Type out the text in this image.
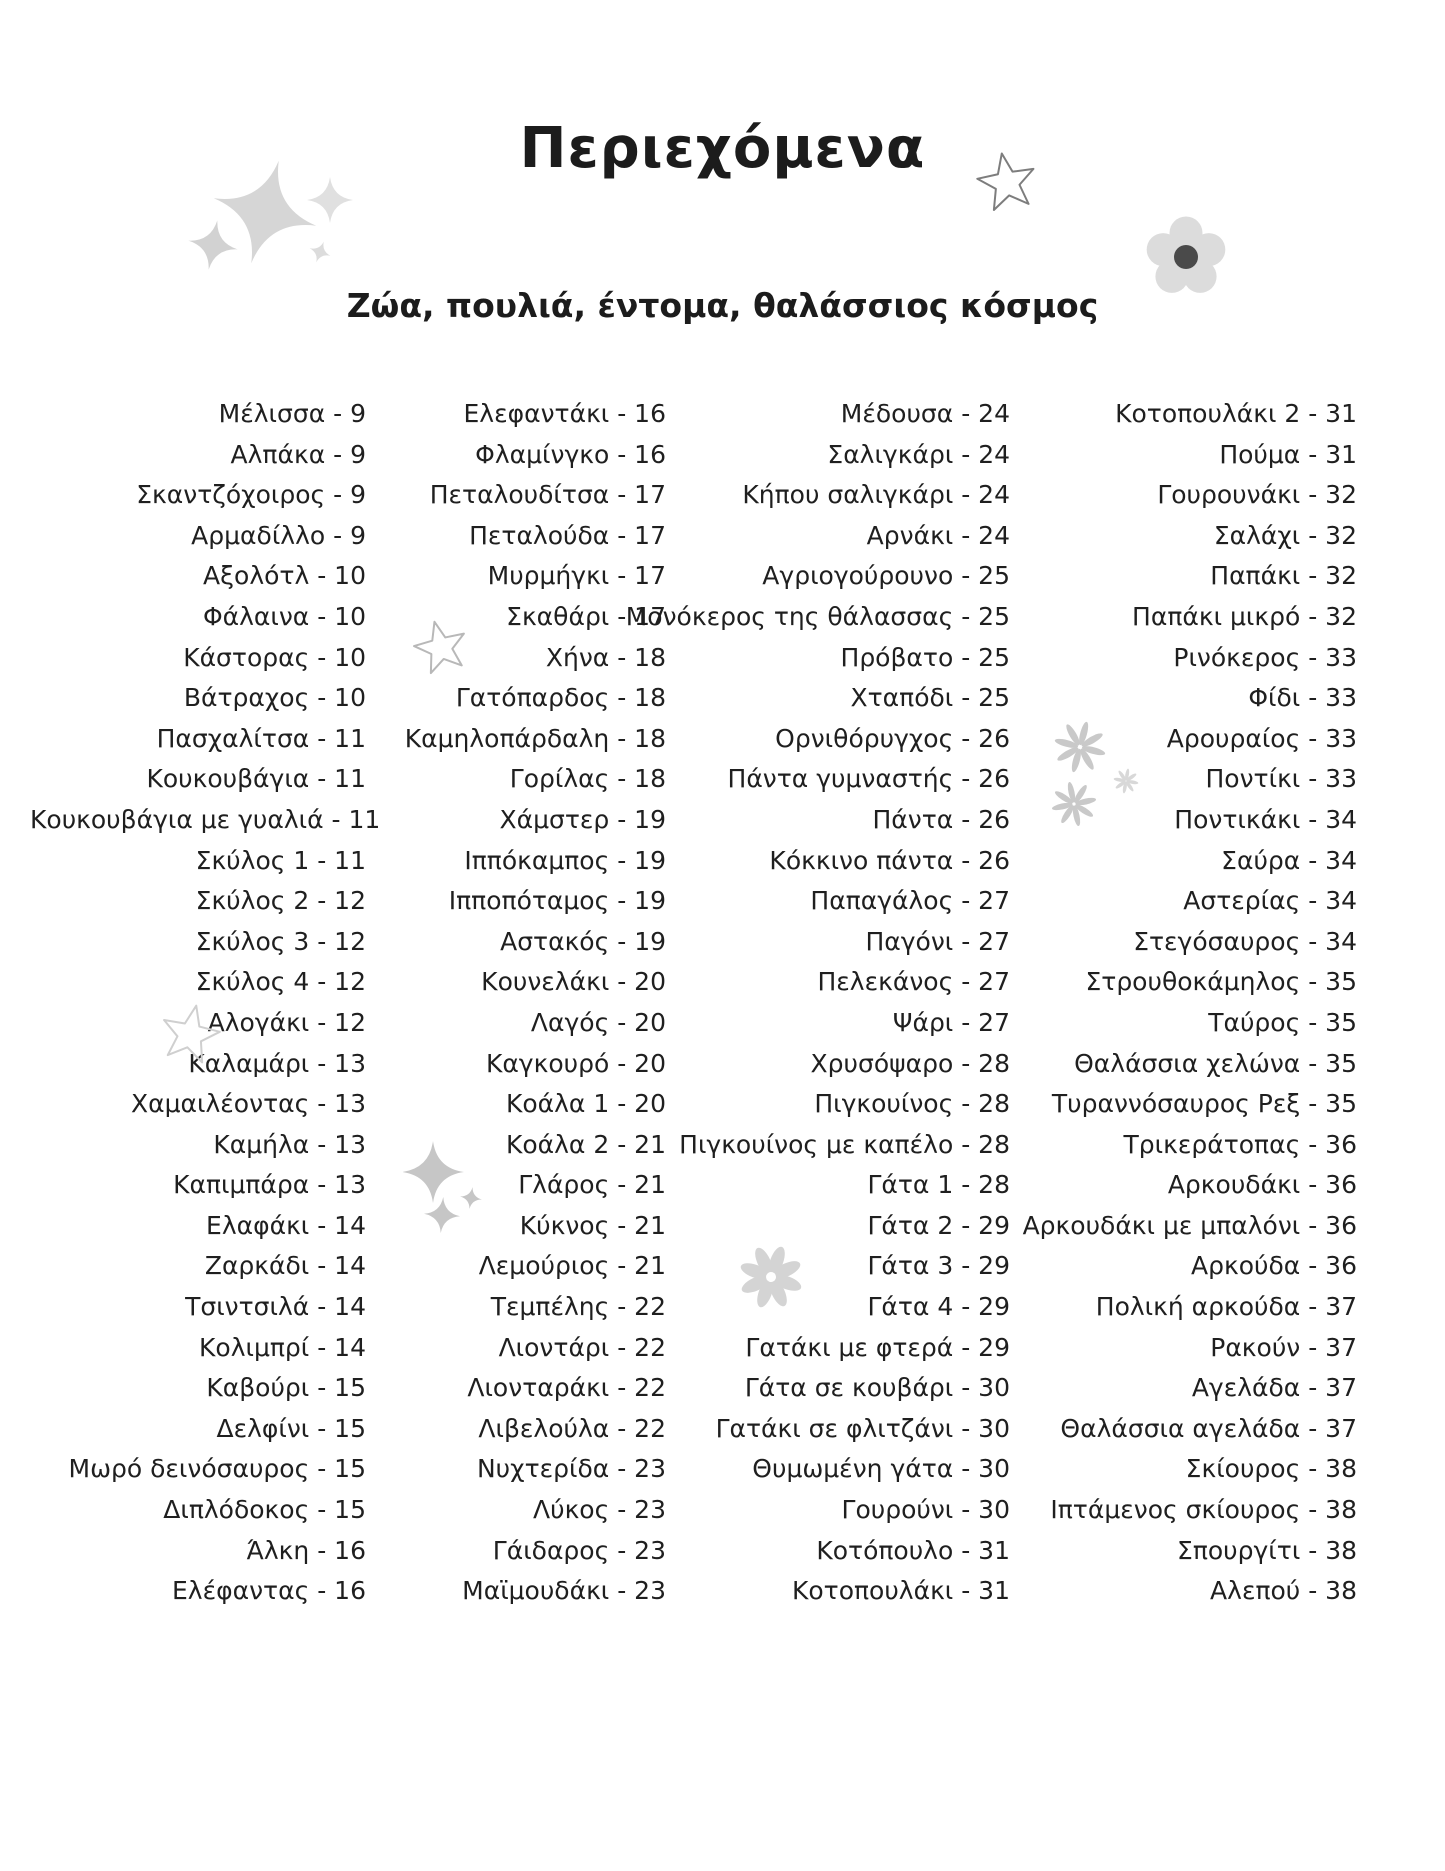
Περιεχόμενα
Ζώα, πουλιά, έντομα, θαλάσσιος κόσμος
Μέλισσα - 9
Αλπάκα - 9
Σκαντζόχοιρος - 9
Αρμαδίλλο - 9
Αξολότλ - 10
Φάλαινα - 10
Κάστορας - 10
Βάτραχος - 10
Πασχαλίτσα - 11
Κουκουβάγια - 11
Κουκουβάγια με γυαλιά - 11
Σκύλος 1 - 11
Σκύλος 2 - 12
Σκύλος 3 - 12
Σκύλος 4 - 12
Αλογάκι - 12
Καλαμάρι - 13
Χαμαιλέοντας - 13
Καμήλα - 13
Καπιμπάρα - 13
Ελαφάκι - 14
Ζαρκάδι - 14
Τσιντσιλά - 14
Κολιμπρί - 14
Καβούρι - 15
Δελφίνι - 15
Μωρό δεινόσαυρος - 15
Διπλόδοκος - 15
Άλκη - 16
Ελέφαντας - 16
Ελεφαντάκι - 16
Φλαμίνγκο - 16
Πεταλουδίτσα - 17
Πεταλούδα - 17
Μυρμήγκι - 17
Σκαθάρι - 17
Χήνα - 18
Γατόπαρδος - 18
Καμηλοπάρδαλη - 18
Γορίλας - 18
Χάμστερ - 19
Ιππόκαμπος - 19
Ιπποπόταμος - 19
Αστακός - 19
Κουνελάκι - 20
Λαγός - 20
Καγκουρό - 20
Κοάλα 1 - 20
Κοάλα 2 - 21
Γλάρος - 21
Κύκνος - 21
Λεμούριος - 21
Τεμπέλης - 22
Λιοντάρι - 22
Λιονταράκι - 22
Λιβελούλα - 22
Νυχτερίδα - 23
Λύκος - 23
Γάιδαρος - 23
Μαϊμουδάκι - 23
Μέδουσα - 24
Σαλιγκάρι - 24
Κήπου σαλιγκάρι - 24
Αρνάκι - 24
Αγριογούρουνο - 25
Μονόκερος της θάλασσας - 25
Πρόβατο - 25
Χταπόδι - 25
Ορνιθόρυγχος - 26
Πάντα γυμναστής - 26
Πάντα - 26
Κόκκινο πάντα - 26
Παπαγάλος - 27
Παγόνι - 27
Πελεκάνος - 27
Ψάρι - 27
Χρυσόψαρο - 28
Πιγκουίνος - 28
Πιγκουίνος με καπέλο - 28
Γάτα 1 - 28
Γάτα 2 - 29
Γάτα 3 - 29
Γάτα 4 - 29
Γατάκι με φτερά - 29
Γάτα σε κουβάρι - 30
Γατάκι σε φλιτζάνι - 30
Θυμωμένη γάτα - 30
Γουρούνι - 30
Κοτόπουλο - 31
Κοτοπουλάκι - 31
Κοτοπουλάκι 2 - 31
Πούμα - 31
Γουρουνάκι - 32
Σαλάχι - 32
Παπάκι - 32
Παπάκι μικρό - 32
Ρινόκερος - 33
Φίδι - 33
Αρουραίος - 33
Ποντίκι - 33
Ποντικάκι - 34
Σαύρα - 34
Αστερίας - 34
Στεγόσαυρος - 34
Στρουθοκάμηλος - 35
Ταύρος - 35
Θαλάσσια χελώνα - 35
Τυραννόσαυρος Ρεξ - 35
Τρικεράτοπας - 36
Αρκουδάκι - 36
Αρκουδάκι με μπαλόνι - 36
Αρκούδα - 36
Πολική αρκούδα - 37
Ρακούν - 37
Αγελάδα - 37
Θαλάσσια αγελάδα - 37
Σκίουρος - 38
Ιπτάμενος σκίουρος - 38
Σπουργίτι - 38
Αλεπού - 38
